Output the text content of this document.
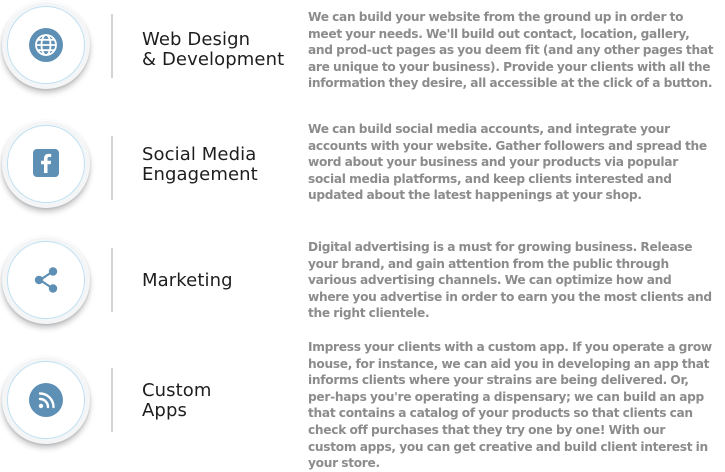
Web Design
& Development
We can build your website from the ground up in order to meet your needs. We'll build out contact, location, gallery, and prod-uct pages as you deem fit (and any other pages that are unique to your business). Provide your clients with all the information they desire, all accessible at the click of a button.
Social Media
Engagement
We can build social media accounts, and integrate your accounts with your website. Gather followers and spread the word about your business and your products via popular social media platforms, and keep clients interested and updated about the latest happenings at your shop.
Marketing
Digital advertising is a must for growing business. Release your brand, and gain attention from the public through various advertising channels. We can optimize how and where you advertise in order to earn you the most clients and the right clientele.
Custom
Apps
Impress your clients with a custom app. If you operate a grow house, for instance, we can aid you in developing an app that informs clients where your strains are being delivered. Or, per-haps you're operating a dispensary; we can build an app that contains a catalog of your products so that clients can check off purchases that they try one by one! With our custom apps, you can get creative and build client interest in your store.
